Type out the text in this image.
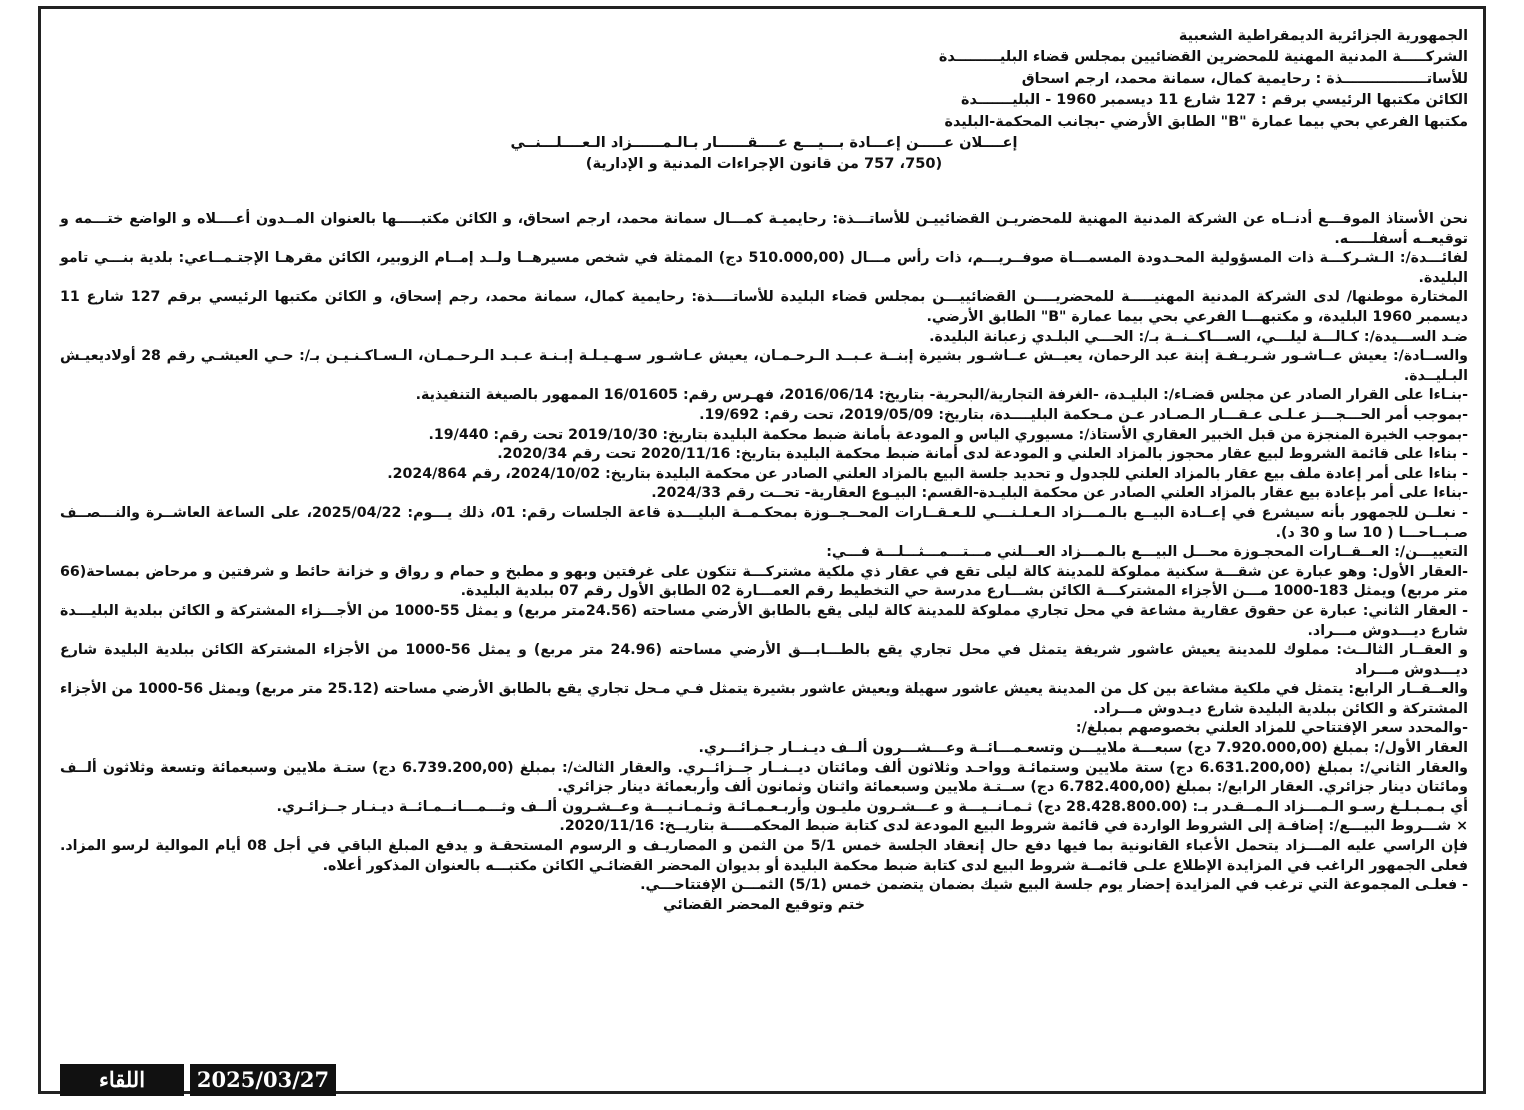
الجمهورية الجزائرية الديمقراطية الشعبية
الشركـــــة المدنية المهنية للمحضرين القضائيين بمجلس قضاء البليـــــــــدة
للأساتـــــــــــــــــذة : رحايمية كمال، سمانة محمد، ارجم اسحاق
الكائن مكتبها الرئيسي برقم : 127 شارع 11 ديسمبر 1960 - البليـــــــدة
مكتبها الفرعي بحي بيما عمارة "B" الطابق الأرضي -بجانب المحكمة-البليدة
إعــــلان عـــــن إعـــادة بـــيـــع عــــقــــــار بـالـمــــــزاد الـعــــلـــنــي
(750، 757 من قانون الإجراءات المدنية و الإدارية)

نحن الأستاذ الموقـــع أدنــاه عن الشركة المدنية المهنية للمحضريـن القضائييـن للأساتـــذة: رحايميـة كمـــال سمانة محمد، ارجم اسحاق، و الكائن مكتبـــــها بالعنوان المــدون أعــــلاه و الواضع ختـــمه و توقيعــه أسفلـــــه.

لفائـــدة/: الـشـركـــة ذات المسؤولية المحـدودة المسمـــاة صوفــريـــم، ذات رأس مـــال (510.000,00 دج) الممثلة في شخص مسيرهــا ولــد إمــام الزوبير، الكائن مقرهـا الإجتـمــاعي: بلدية بنـــي تامو البليدة.

المختارة موطنها/ لدى الشركة المدنية المهنيـــــة للمحضريــــن القضائييـــن بمجلس قضاء البليدة للأساتــــذة: رحايمية كمال، سمانة محمد، رجم إسحاق، و الكائن مكتبها الرئيسي برقم 127 شارع 11 ديسمبر 1960 البليدة، و مكتبهـــا الفرعي بحي بيما عمارة "B" الطابق الأرضي.

ضـد الســـيدة/: كـالـــة ليلـــي، الســـاكــنــة بـ/: الحـــي البلـدي زعبانة البليدة.

والســادة/: يعيش عــاشـور شـريـفـة إبنة عبد الرحمان، يعيــش عــاشـور بشيرة إبنــة عـبــد الـرحـمـان، يعيش عـاشـور سـهـيـلـة إبـنـة عـبـد الـرحـمـان، الـسـاكـنـيـن بـ/: حـي العيشـي رقم 28 أولاديعيـش البـليــدة.

-بنـاءا على القرار الصادر عن مجلس قضـاء/: البليـدة، -الغرفة التجارية/البحرية- بتاريخ: 2016/06/14، فهـرس رقم: 16/01605 الممهور بالصيغة التنفيذية.

-بموجب أمر الحـــجـــز عـلـى عـقـــار الـصـادر عـن مـحكمة البليــــدة، بتاريخ: 2019/05/09، تحت رقم: 19/692.

-بموجب الخبرة المنجزة من قبل الخبير العقاري الأستاذ/: مسيوري الياس و المودعة بأمانة ضبط محكمة البليدة بتاريخ: 2019/10/30 تحت رقم: 19/440.

- بناءا على قائمة الشروط لبيع عقار محجوز بالمزاد العلني و المودعة لدى أمانة ضبط محكمة البليدة بتاريخ: 2020/11/16 تحت رقم 2020/34.

- بناءا على أمر إعادة ملف بيع عقار بالمزاد العلني للجدول و تحديد جلسة البيع بالمزاد العلني الصادر عن محكمة البليدة بتاريخ: 2024/10/02، رقم 2024/864.

-بناءا على أمر بإعادة بيع عقار بالمزاد العلني الصادر عن محكمة البليـدة-القسم: البيـوع العقارية- تحــت رقم 2024/33.

- نعلــن للجمهور بأنه سيشرع في إعــادة البيــع بالـمـــزاد الـعـلـنـــي للـعـقــارات المحــجــوزة بمحكـمــة البليـــدة قاعة الجلسات رقم: 01، ذلك يـــوم: 2025/04/22، على الساعة العاشــرة والنـــصــف صـبــاحـــا ( 10 سا و 30 د).

التعييـــن/: العــقــارات المحجـوزة محـــل البيـــع بالـمـــزاد العـــلني مـــتـــمـــثـــلـــة فـــي:

-العقار الأول: وهو عبارة عن شقـــة سكنية مملوكة للمدينة كالة ليلى تقع في عقار ذي ملكية مشتركـــة تتكون على غرفتين وبهو و مطبخ و حمام و رواق و خزانة حائط و شرفتين و مرحاض بمساحة(66 متر مربع) ويمثل 183-1000 مـــن الأجزاء المشتركـــة الكائن بشـــارع مدرسة حي التخطيط رقم العمـــارة 02 الطابق الأول رقم 07 ببلدية البليدة.

- العقار الثاني: عبارة عن حقوق عقارية مشاعة في محل تجاري مملوكة للمدينة كالة ليلى يقع بالطابق الأرضي مساحته (24.56متر مربع) و يمثل 55-1000 من الأجـــزاء المشتركة و الكائن ببلدية البليـــدة شارع ديـــدوش مـــراد.

و العقــار الثالــث: مملوك للمدينة يعيش عاشور شريفة يتمثل في محل تجاري يقع بالطـــابـــق الأرضي مساحته (24.96 متر مربع) و يمثل 56-1000 من الأجزاء المشتركة الكائن ببلدية البليدة شارع ديـــدوش مـــراد

والعــقــار الرابع: يتمثل في ملكية مشاعة بين كل من المدينة يعيش عاشور سهيلة ويعيش عاشور بشيرة يتمثل فـي مـحل تجاري يقع بالطابق الأرضي مساحته (25.12 متر مربع) ويمثل 56-1000 من الأجزاء المشتركة و الكائن ببلدية البليدة شارع ديـدوش مـــراد.

-والمحدد سعر الإفتتاحي للمزاد العلني بخصوصهم بمبلغ/:

العقار الأول/: بمبلغ (7.920.000,00 دج) سبعـــة ملاييـــن وتسعـمـــائــة وعـــشـــرون ألــف ديـنــار جـزائـــري.

والعقار الثاني/: بمبلغ (6.631.200,00 دج) ستة ملايين وستمائـة وواحـد وثلاثون ألف ومائتان ديــنــار جــزائــري. والعقار الثالث/: بمبلغ (6.739.200,00 دج) ستـة ملايين وسبعمائة وتسعة وثلاثون ألــف ومائتان دينار جزائري. العقار الرابع/: بمبلغ (6.782.400,00 دج) ســتـة ملايين وسبعمائة واثنان وثمانون ألف وأربعمائة دينار جزائري.

أي بـمـبـلـغ رسـو الـمـــزاد الـمــقـدر بـ: (28.428.800.00 دج) ثـمـانــيـــة و عـــشـرون مليـون وأربـعـمـائـة وثـمـانـيـــة وعــشـرون ألــف وثـــمـــانــمـائــة ديـنـار جــزائـري.

× شـــروط البيـــع/: إضافـة إلى الشروط الواردة في قائمة شروط البيع المودعة لدى كتابة ضبط المحكمـــــة بتاريــخ: 2020/11/16.

فإن الراسي عليه المـــزاد يتحمل الأعباء القانونية بما فيها دفع حال إنعقاد الجلسة خمس 5/1 من الثمن و المصاريـف و الرسوم المستحقـة و يدفع المبلغ الباقي في أجل 08 أيام الموالية لرسو المزاد. فعلى الجمهور الراغب في المزايدة الإطلاع علـى قائمــة شروط البيع لدى كتابة ضبط محكمة البليدة أو بديوان المحضر القضائـي الكائن مكتبـــه بالعنوان المذكور أعلاه.

- فعلـى المجموعة التي ترغب في المزايدة إحضار يوم جلسة البيع شيك بضمان يتضمن خمس (5/1) الثمـــن الإفتتاحـــي.

ختم وتوقيع المحضر القضائي
2025/03/27
اللقاء
